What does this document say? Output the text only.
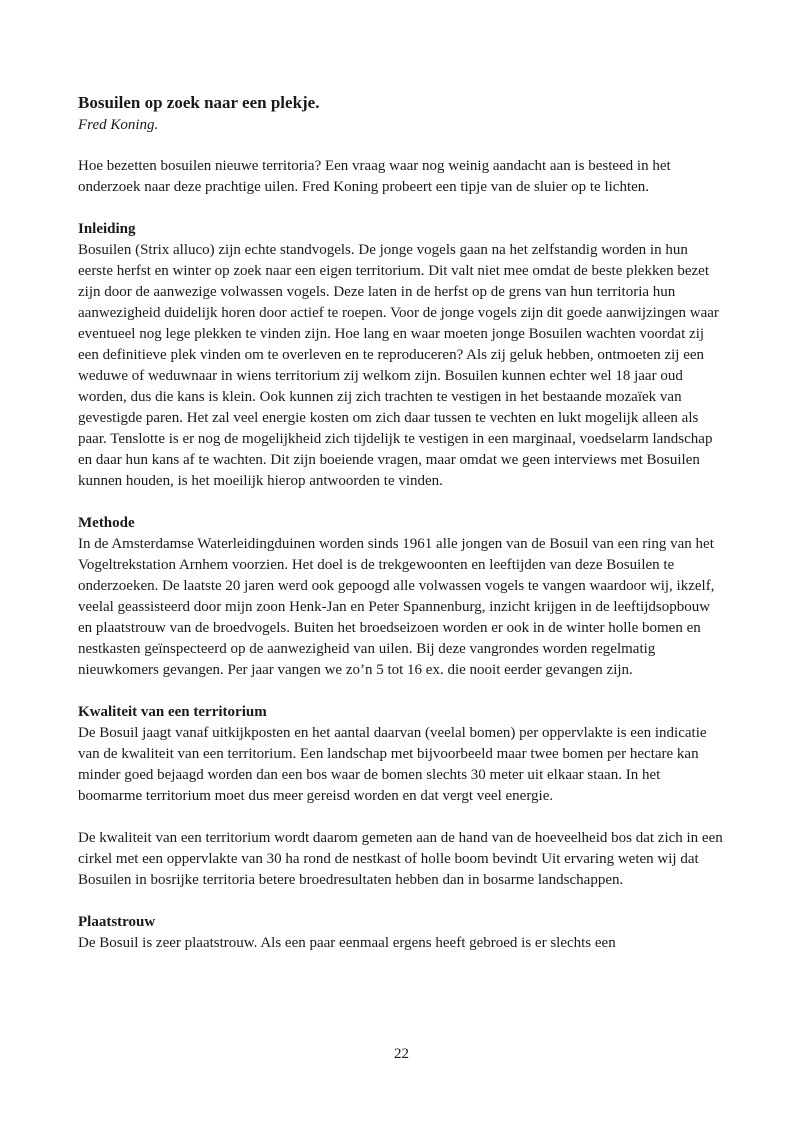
Bosuilen op zoek naar een plekje.

Fred Koning.

Hoe bezetten bosuilen nieuwe territoria? Een vraag waar nog weinig aandacht aan is besteed in het onderzoek naar deze prachtige uilen. Fred Koning probeert een tipje van de sluier op te lichten.

Inleiding

Bosuilen (Strix alluco) zijn echte standvogels. De jonge vogels gaan na het zelfstandig worden in hun eerste herfst en winter op zoek naar een eigen territorium. Dit valt niet mee omdat de beste plekken bezet zijn door de aanwezige volwassen vogels. Deze laten in de herfst op de grens van hun territoria hun aanwezigheid duidelijk horen door actief te roepen. Voor de jonge vogels zijn dit goede aanwijzingen waar eventueel nog lege plekken te vinden zijn. Hoe lang en waar moeten jonge Bosuilen wachten voordat zij een definitieve plek vinden om te overleven en te reproduceren? Als zij geluk hebben, ontmoeten zij een weduwe of weduwnaar in wiens territorium zij welkom zijn. Bosuilen kunnen echter wel 18 jaar oud worden, dus die kans is klein. Ook kunnen zij zich trachten te vestigen in het bestaande mozaïek van gevestigde paren. Het zal veel energie kosten om zich daar tussen te vechten en lukt mogelijk alleen als paar. Tenslotte is er nog de mogelijkheid zich tijdelijk te vestigen in een marginaal, voedselarm landschap en daar hun kans af te wachten. Dit zijn boeiende vragen, maar omdat we geen interviews met Bosuilen kunnen houden, is het moeilijk hierop antwoorden te vinden.

Methode

In de Amsterdamse Waterleidingduinen worden sinds 1961 alle jongen van de Bosuil van een ring van het Vogeltrekstation Arnhem voorzien. Het doel is de trekgewoonten en leeftijden van deze Bosuilen te onderzoeken. De laatste 20 jaren werd ook gepoogd alle volwassen vogels te vangen waardoor wij, ikzelf, veelal geassisteerd door mijn zoon Henk-Jan en Peter Spannenburg, inzicht krijgen in de leeftijdsopbouw en plaatstrouw van de broedvogels. Buiten het broedseizoen worden er ook in de winter holle bomen en nestkasten geïnspecteerd op de aanwezigheid van uilen. Bij deze vangrondes worden regelmatig nieuwkomers gevangen. Per jaar vangen we zo’n 5 tot 16 ex. die nooit eerder gevangen zijn.

Kwaliteit van een territorium

De Bosuil jaagt vanaf uitkijkposten en het aantal daarvan (veelal bomen) per oppervlakte is een indicatie van de kwaliteit van een territorium. Een landschap met bijvoorbeeld maar twee bomen per hectare kan minder goed bejaagd worden dan een bos waar de bomen slechts 30 meter uit elkaar staan. In het boomarme territorium moet dus meer gereisd worden en dat vergt veel energie.

De kwaliteit van een territorium wordt daarom gemeten aan de hand van de hoeveelheid bos dat zich in een cirkel met een oppervlakte van 30 ha rond de nestkast of holle boom bevindt Uit ervaring weten wij dat Bosuilen in bosrijke territoria betere broedresultaten hebben dan in bosarme landschappen.

Plaatstrouw

De Bosuil is zeer plaatstrouw. Als een paar eenmaal ergens heeft gebroed is er slechts een

22
